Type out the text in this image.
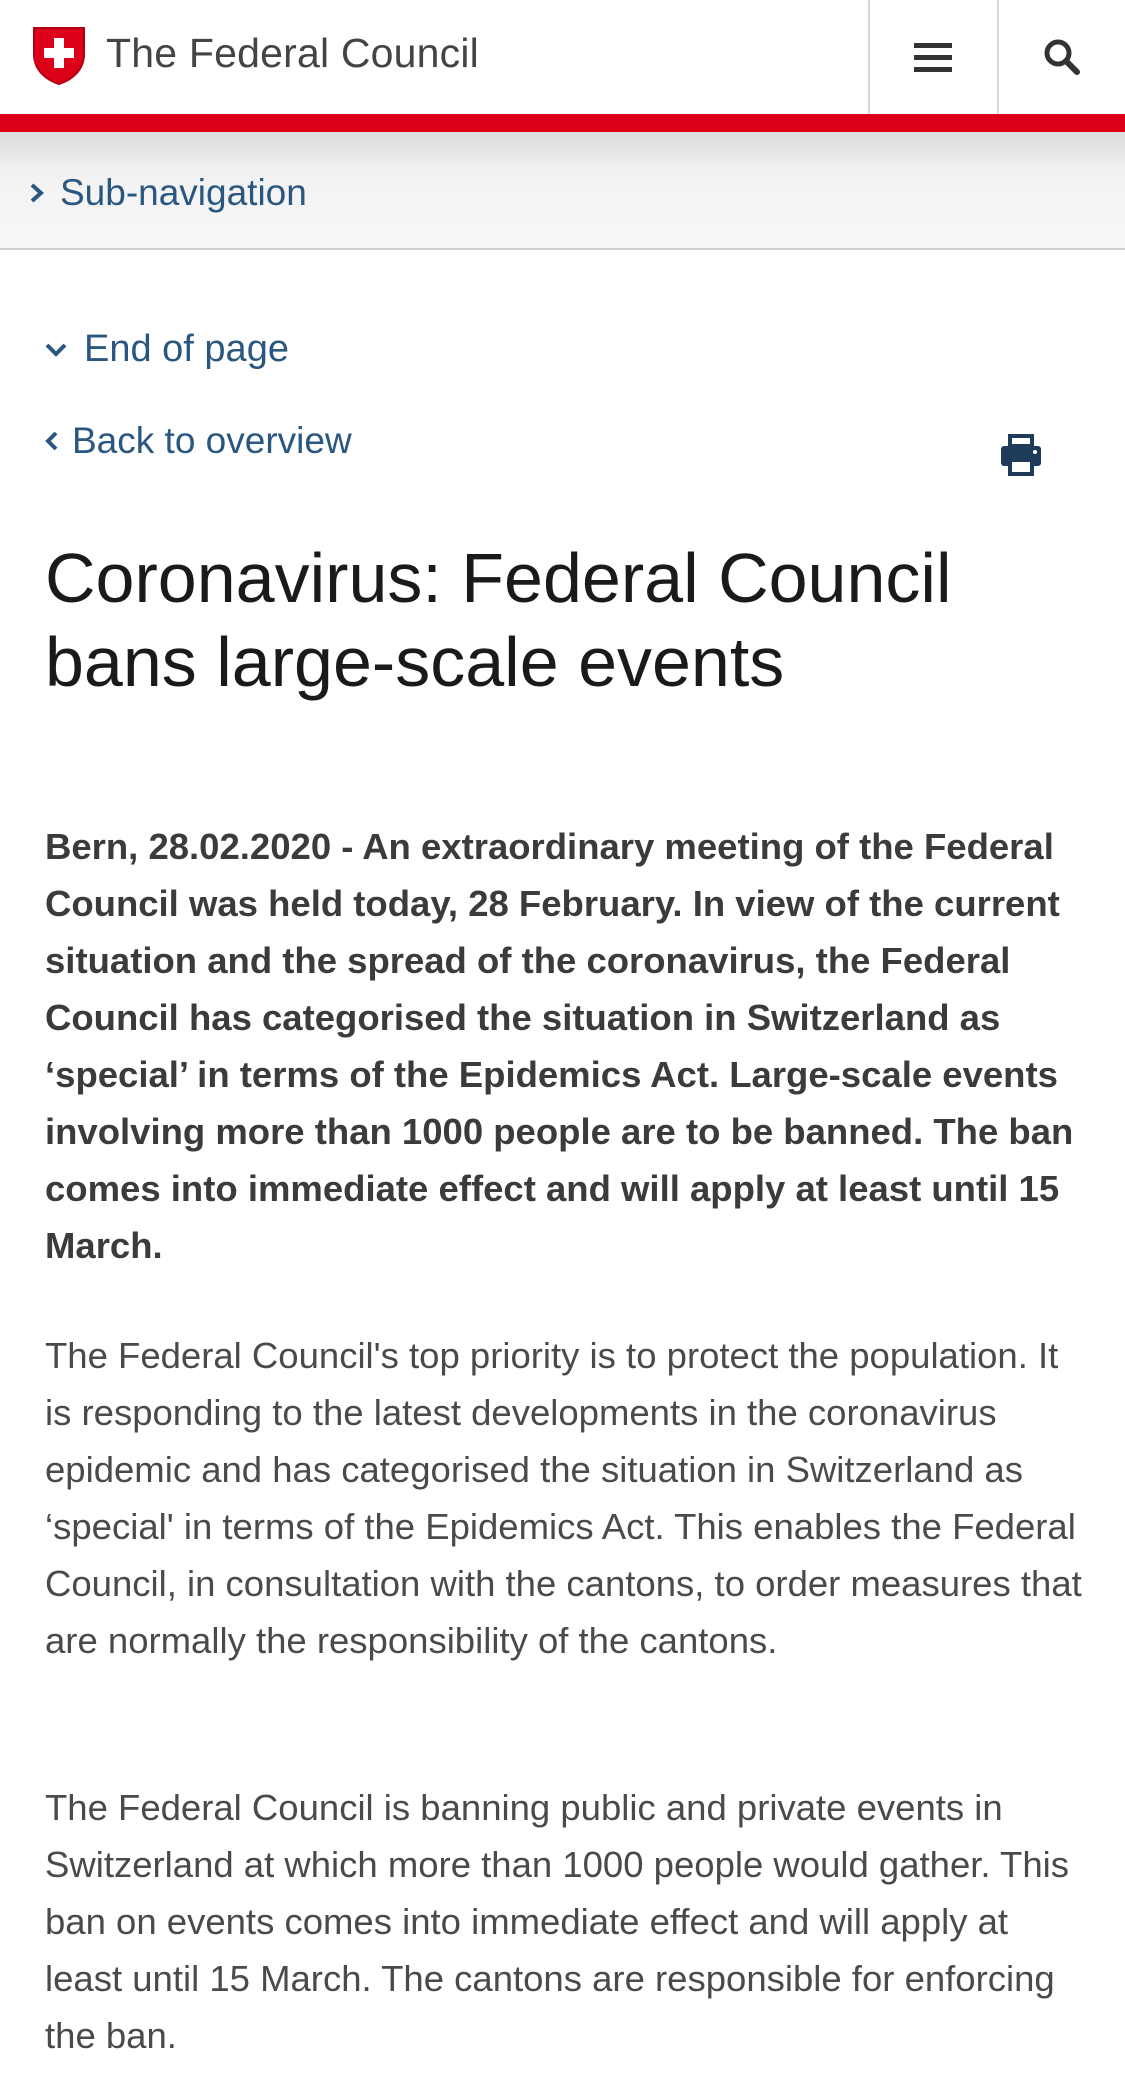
The Federal Council
Sub-navigation
End of page
Back to overview
Coronavirus: Federal Council bans large-scale events

Bern, 28.02.2020 - An extraordinary meeting of the Federal Council was held today, 28 February. In view of the current situation and the spread of the coronavirus, the Federal Council has categorised the situation in Switzerland as ‘special’ in terms of the Epidemics Act. Large-scale events involving more than 1000 people are to be banned. The ban comes into immediate effect and will apply at least until 15 March.

The Federal Council's top priority is to protect the population. It is responding to the latest developments in the coronavirus epidemic and has categorised the situation in Switzerland as ‘special' in terms of the Epidemics Act. This enables the Federal Council, in consultation with the cantons, to order measures that are normally the responsibility of the cantons.

The Federal Council is banning public and private events in Switzerland at which more than 1000 people would gather. This ban on events comes into immediate effect and will apply at least until 15 March. The cantons are responsible for enforcing the ban.
